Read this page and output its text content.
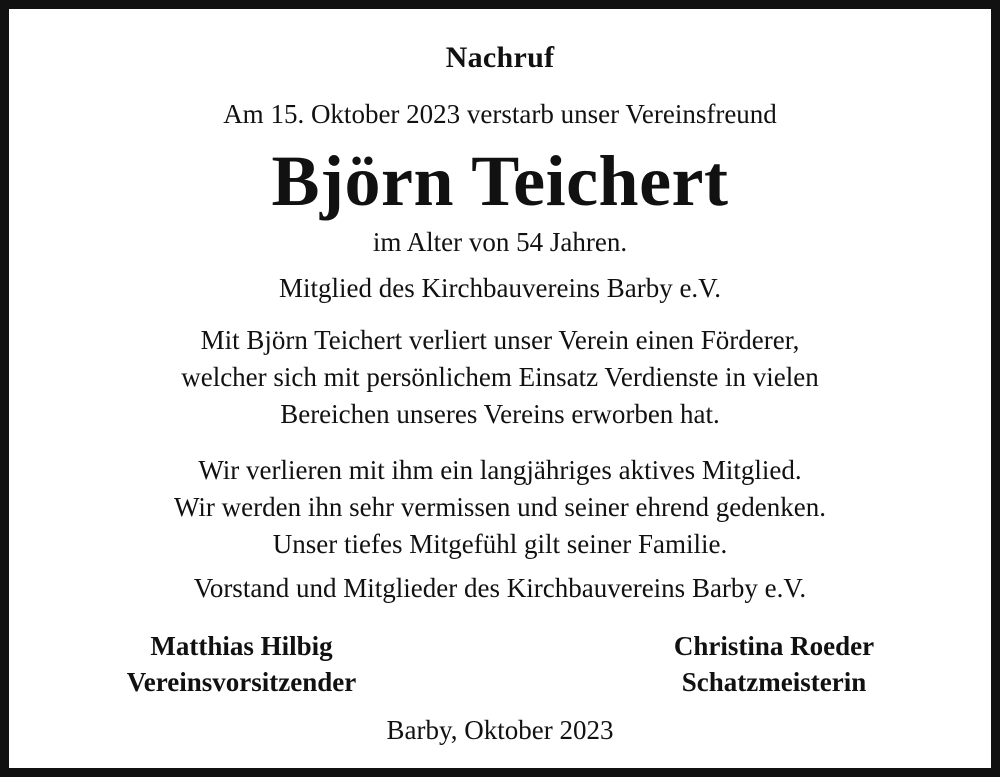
Nachruf
Am 15. Oktober 2023 verstarb unser Vereinsfreund
Björn Teichert
im Alter von 54 Jahren.
Mitglied des Kirchbauvereins Barby e.V.
Mit Björn Teichert verliert unser Verein einen Förderer,
welcher sich mit persönlichem Einsatz Verdienste in vielen
Bereichen unseres Vereins erworben hat.
Wir verlieren mit ihm ein langjähriges aktives Mitglied.
Wir werden ihn sehr vermissen und seiner ehrend gedenken.
Unser tiefes Mitgefühl gilt seiner Familie.
Vorstand und Mitglieder des Kirchbauvereins Barby e.V.
Matthias Hilbig
Vereinsvorsitzender
Christina Roeder
Schatzmeisterin
Barby, Oktober 2023
